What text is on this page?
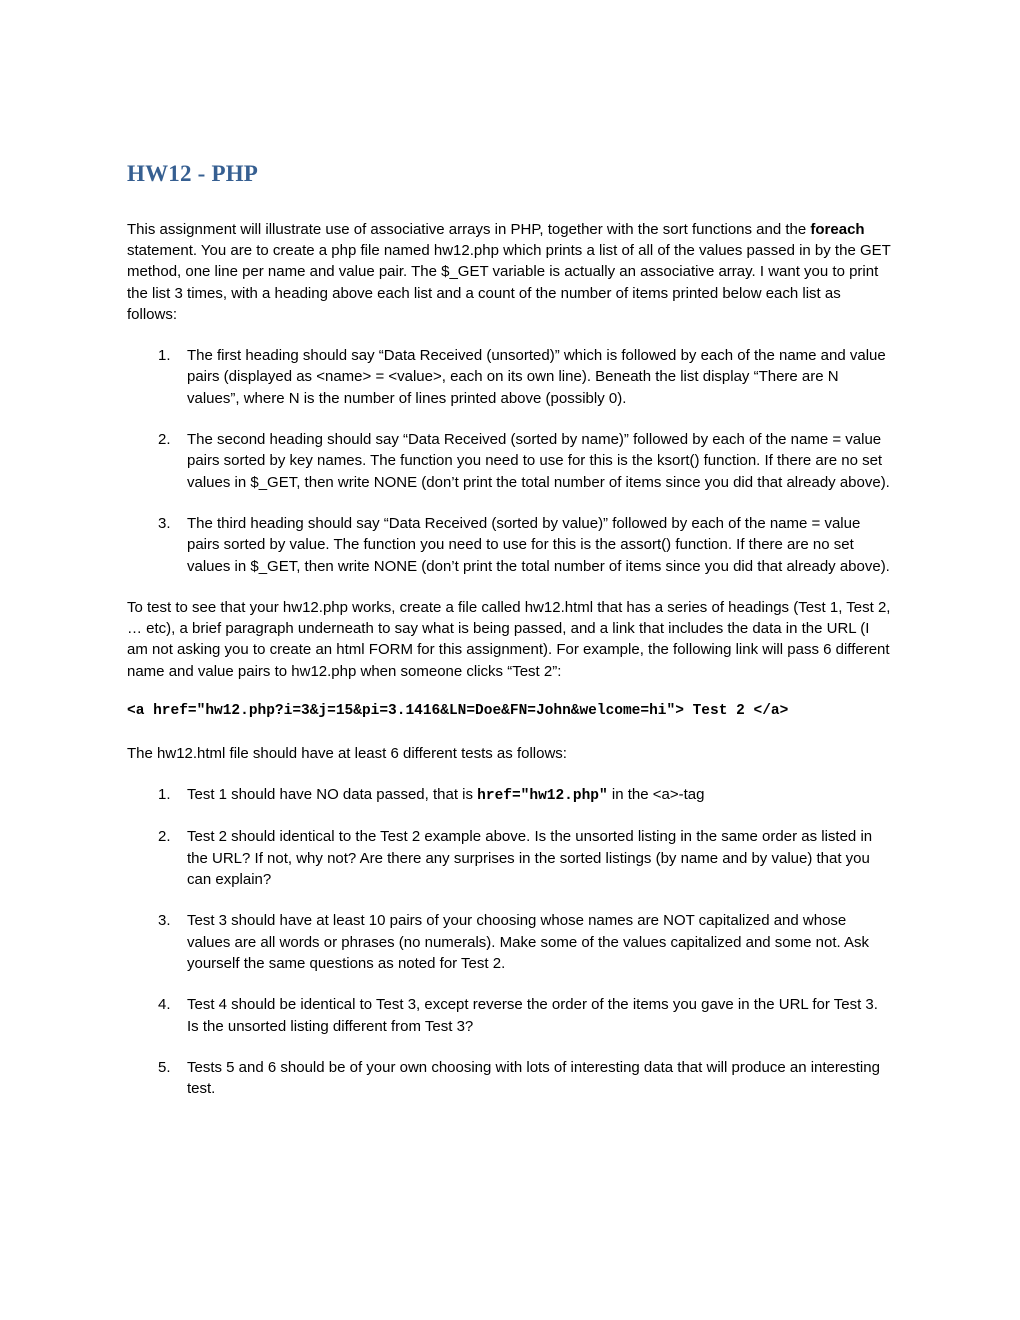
HW12 - PHP

This assignment will illustrate use of associative arrays in PHP, together with the sort functions and the foreach statement. You are to create a php file named hw12.php which prints a list of all of the values passed in by the GET method, one line per name and value pair. The $_GET variable is actually an associative array. I want you to print the list 3 times, with a heading above each list and a count of the number of items printed below each list as follows:

1.	The first heading should say “Data Received (unsorted)” which is followed by each of the name and value pairs (displayed as <name> = <value>, each on its own line). Beneath the list display “There are N values”, where N is the number of lines printed above (possibly 0).
2.	The second heading should say “Data Received (sorted by name)” followed by each of the name = value pairs sorted by key names. The function you need to use for this is the ksort() function. If there are no set values in $_GET, then write NONE (don’t print the total number of items since you did that already above).
3.	The third heading should say “Data Received (sorted by value)” followed by each of the name = value pairs sorted by value. The function you need to use for this is the assort() function. If there are no set values in $_GET, then write NONE (don’t print the total number of items since you did that already above).

To test to see that your hw12.php works, create a file called hw12.html that has a series of headings (Test 1, Test 2, … etc), a brief paragraph underneath to say what is being passed, and a link that includes the data in the URL (I am not asking you to create an html FORM for this assignment). For example, the following link will pass 6 different name and value pairs to hw12.php when someone clicks “Test 2”:

<a href="hw12.php?i=3&j=15&pi=3.1416&LN=Doe&FN=John&welcome=hi"> Test 2 </a>

The hw12.html file should have at least 6 different tests as follows:

1.	Test 1 should have NO data passed, that is href="hw12.php" in the <a>-tag
2.	Test 2 should identical to the Test 2 example above. Is the unsorted listing in the same order as listed in the URL? If not, why not? Are there any surprises in the sorted listings (by name and by value) that you can explain?
3.	Test 3 should have at least 10 pairs of your choosing whose names are NOT capitalized and whose values are all words or phrases (no numerals). Make some of the values capitalized and some not. Ask yourself the same questions as noted for Test 2.
4.	Test 4 should be identical to Test 3, except reverse the order of the items you gave in the URL for Test 3. Is the unsorted listing different from Test 3?
5.	Tests 5 and 6 should be of your own choosing with lots of interesting data that will produce an interesting test.
